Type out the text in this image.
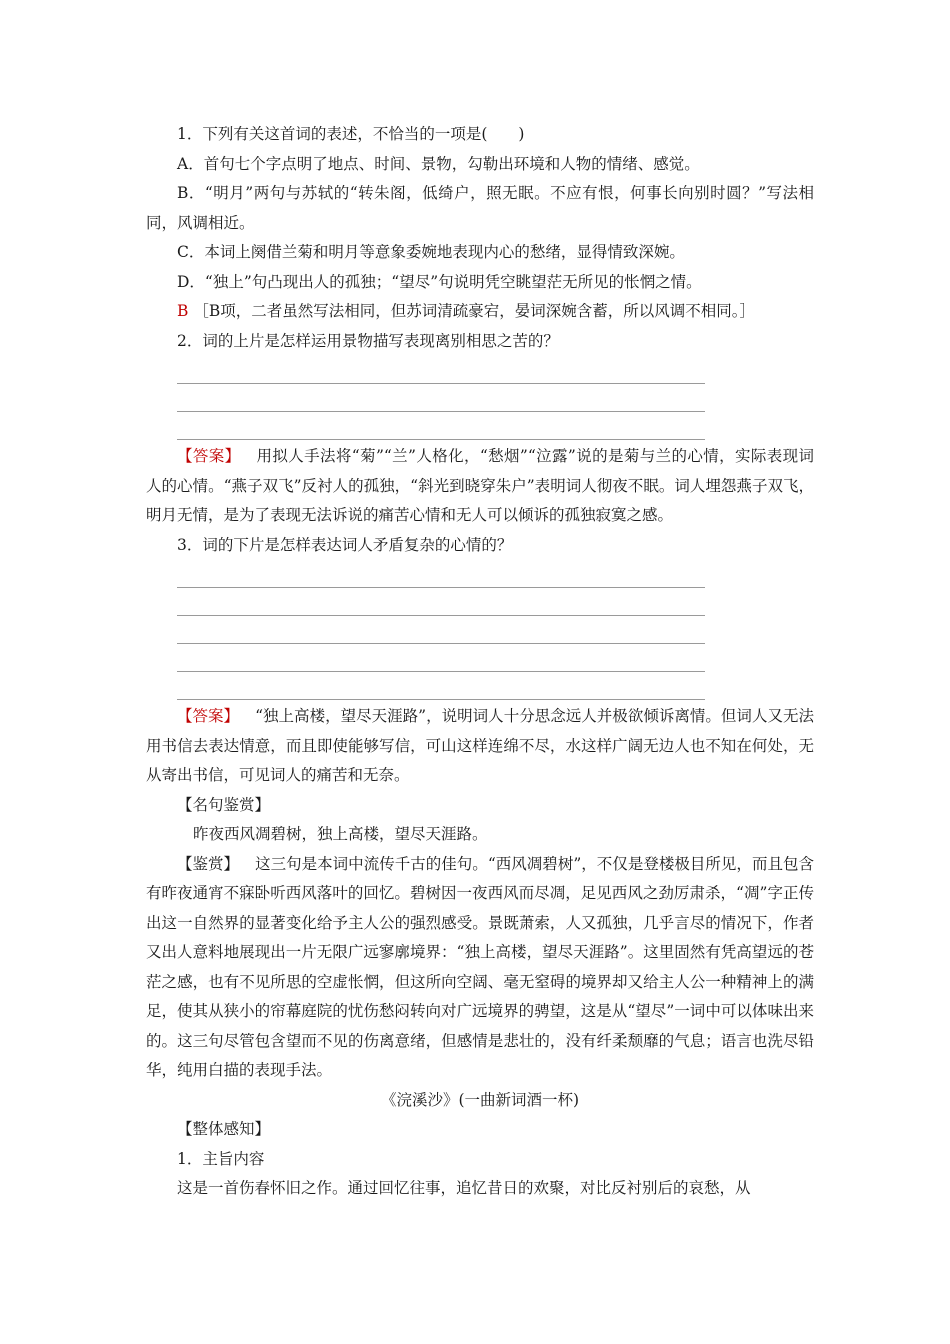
1．下列有关这首词的表述，不恰当的一项是(　　)

A．首句七个字点明了地点、时间、景物，勾勒出环境和人物的情绪、感觉。

B．“明月”两句与苏轼的“转朱阁，低绮户，照无眠。不应有恨，何事长向别时圆？”写法相同，风调相近。

C．本词上阕借兰菊和明月等意象委婉地表现内心的愁绪，显得情致深婉。

D．“独上”句凸现出人的孤独；“望尽”句说明凭空眺望茫无所见的怅惘之情。

B ［B项，二者虽然写法相同，但苏词清疏豪宕，晏词深婉含蓄，所以风调不相同。］

2．词的上片是怎样运用景物描写表现离别相思之苦的？

【答案】 用拟人手法将“菊”“兰”人格化，“愁烟”“泣露”说的是菊与兰的心情，实际表现词人的心情。“燕子双飞”反衬人的孤独，“斜光到晓穿朱户”表明词人彻夜不眠。词人埋怨燕子双飞，明月无情，是为了表现无法诉说的痛苦心情和无人可以倾诉的孤独寂寞之感。

3．词的下片是怎样表达词人矛盾复杂的心情的？

【答案】 “独上高楼，望尽天涯路”，说明词人十分思念远人并极欲倾诉离情。但词人又无法用书信去表达情意，而且即使能够写信，可山这样连绵不尽，水这样广阔无边人也不知在何处，无从寄出书信，可见词人的痛苦和无奈。

【名句鉴赏】

昨夜西风凋碧树，独上高楼，望尽天涯路。

【鉴赏】 这三句是本词中流传千古的佳句。“西风凋碧树”，不仅是登楼极目所见，而且包含有昨夜通宵不寐卧听西风落叶的回忆。碧树因一夜西风而尽凋，足见西风之劲厉肃杀，“凋”字正传出这一自然界的显著变化给予主人公的强烈感受。景既萧索，人又孤独，几乎言尽的情况下，作者又出人意料地展现出一片无限广远寥廓境界：“独上高楼，望尽天涯路”。这里固然有凭高望远的苍茫之感，也有不见所思的空虚怅惘，但这所向空阔、毫无窒碍的境界却又给主人公一种精神上的满足，使其从狭小的帘幕庭院的忧伤愁闷转向对广远境界的骋望，这是从“望尽”一词中可以体味出来的。这三句尽管包含望而不见的伤离意绪，但感情是悲壮的，没有纤柔颓靡的气息；语言也洗尽铅华，纯用白描的表现手法。

《浣溪沙》(一曲新词酒一杯)

【整体感知】

1．主旨内容

这是一首伤春怀旧之作。通过回忆往事，追忆昔日的欢聚，对比反衬别后的哀愁，从
